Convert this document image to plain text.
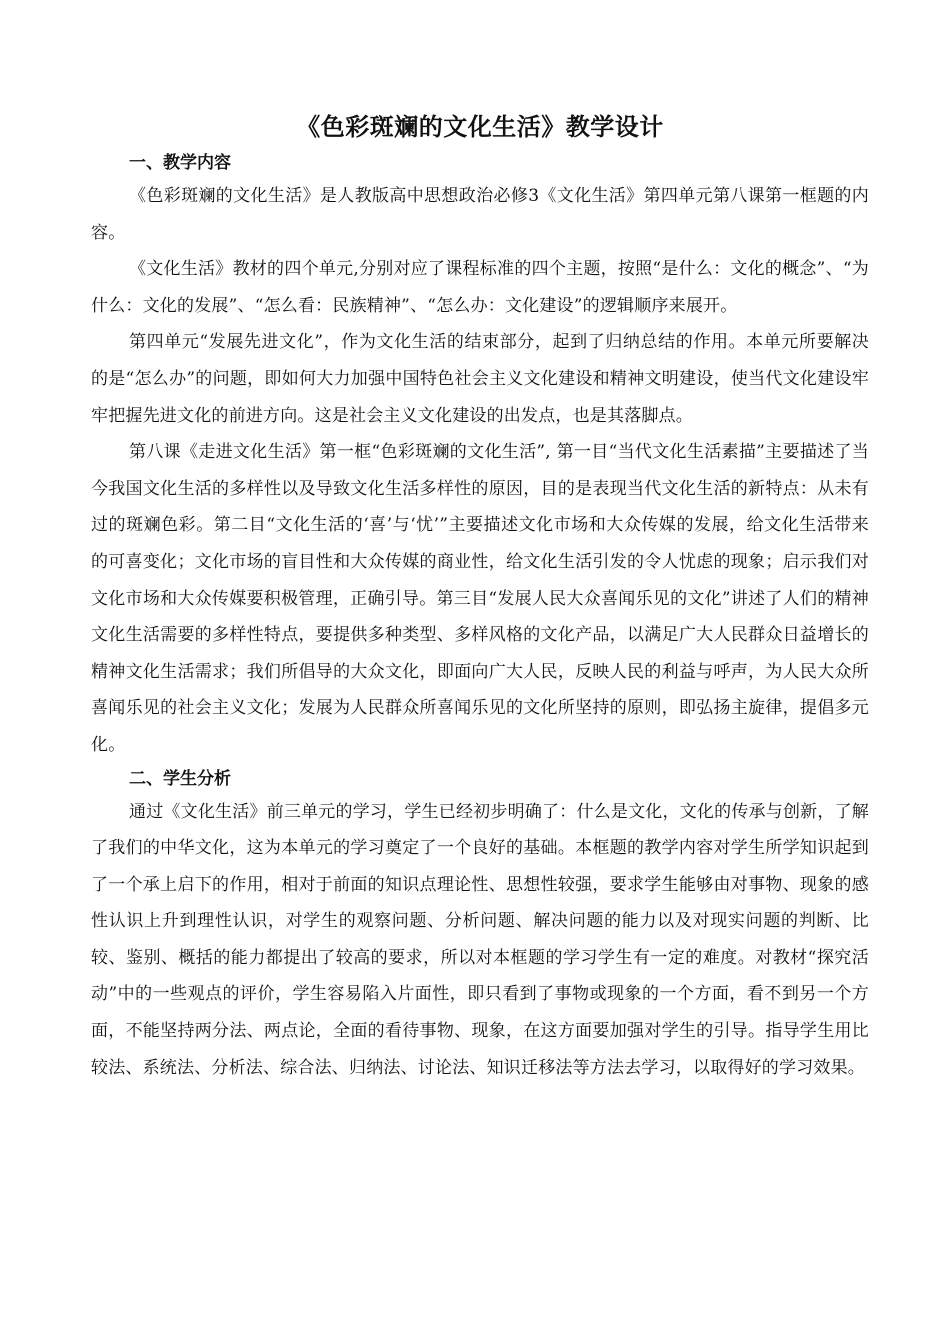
《色彩斑斓的文化生活》教学设计

一、教学内容

《色彩斑斓的文化生活》是人教版高中思想政治必修3《文化生活》第四单元第八课第一框题的内容。

《文化生活》教材的四个单元,分别对应了课程标准的四个主题，按照“是什么：文化的概念”、“为什么：文化的发展”、“怎么看：民族精神”、“怎么办：文化建设”的逻辑顺序来展开。

第四单元“发展先进文化”，作为文化生活的结束部分，起到了归纳总结的作用。本单元所要解决的是“怎么办”的问题，即如何大力加强中国特色社会主义文化建设和精神文明建设，使当代文化建设牢牢把握先进文化的前进方向。这是社会主义文化建设的出发点，也是其落脚点。

第八课《走进文化生活》第一框“色彩斑斓的文化生活”, 第一目“当代文化生活素描”主要描述了当今我国文化生活的多样性以及导致文化生活多样性的原因，目的是表现当代文化生活的新特点：从未有过的斑斓色彩。第二目“文化生活的‘喜’与‘忧’”主要描述文化市场和大众传媒的发展，给文化生活带来的可喜变化；文化市场的盲目性和大众传媒的商业性，给文化生活引发的令人忧虑的现象；启示我们对文化市场和大众传媒要积极管理，正确引导。第三目“发展人民大众喜闻乐见的文化”讲述了人们的精神文化生活需要的多样性特点，要提供多种类型、多样风格的文化产品，以满足广大人民群众日益增长的精神文化生活需求；我们所倡导的大众文化，即面向广大人民，反映人民的利益与呼声，为人民大众所喜闻乐见的社会主义文化；发展为人民群众所喜闻乐见的文化所坚持的原则，即弘扬主旋律，提倡多元化。

二、学生分析

通过《文化生活》前三单元的学习，学生已经初步明确了：什么是文化，文化的传承与创新，了解了我们的中华文化，这为本单元的学习奠定了一个良好的基础。本框题的教学内容对学生所学知识起到了一个承上启下的作用，相对于前面的知识点理论性、思想性较强，要求学生能够由对事物、现象的感性认识上升到理性认识，对学生的观察问题、分析问题、解决问题的能力以及对现实问题的判断、比较、鉴别、概括的能力都提出了较高的要求，所以对本框题的学习学生有一定的难度。对教材“探究活动”中的一些观点的评价，学生容易陷入片面性，即只看到了事物或现象的一个方面，看不到另一个方面，不能坚持两分法、两点论，全面的看待事物、现象，在这方面要加强对学生的引导。指导学生用比较法、系统法、分析法、综合法、归纳法、讨论法、知识迁移法等方法去学习，以取得好的学习效果。
